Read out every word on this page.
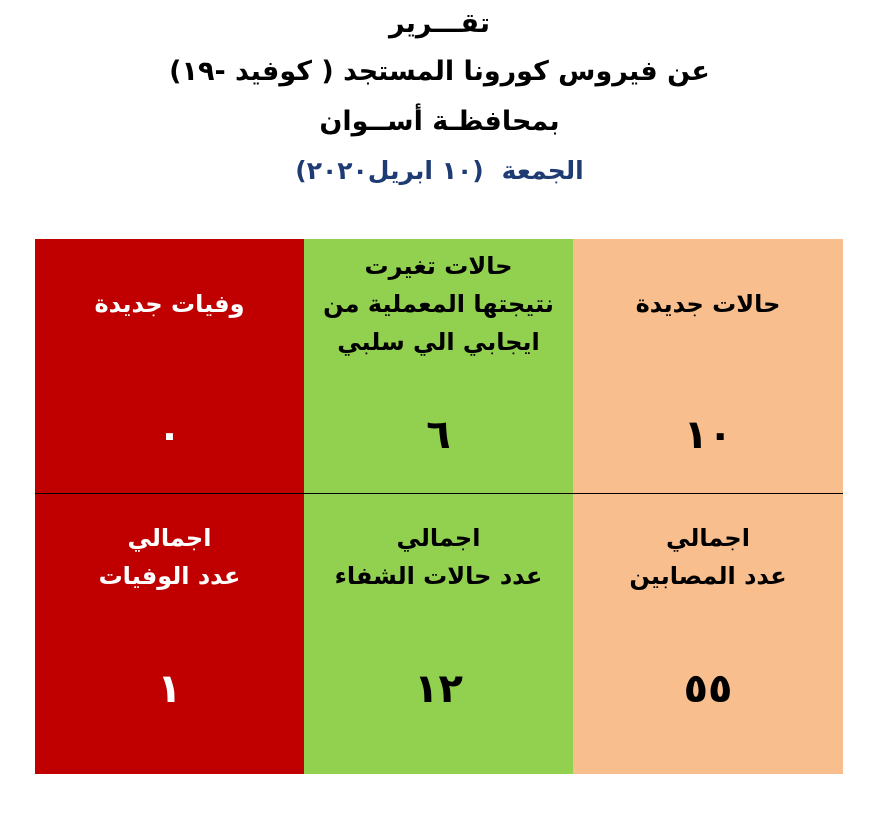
تقـــرير
عن فيروس كورونا المستجد ( كوفيد -١٩)
بمحافظـة أســوان
الجمعة(١٠ ابريل٢٠٢٠)
حالات جديدة
١٠
حالات تغيرت
نتيجتها المعملية من
ايجابي الي سلبي
٦
وفيات جديدة
٠
اجمالي
عدد المصابين
٥٥
اجمالي
عدد حالات الشفاء
١٢
اجمالي
عدد الوفيات
١
